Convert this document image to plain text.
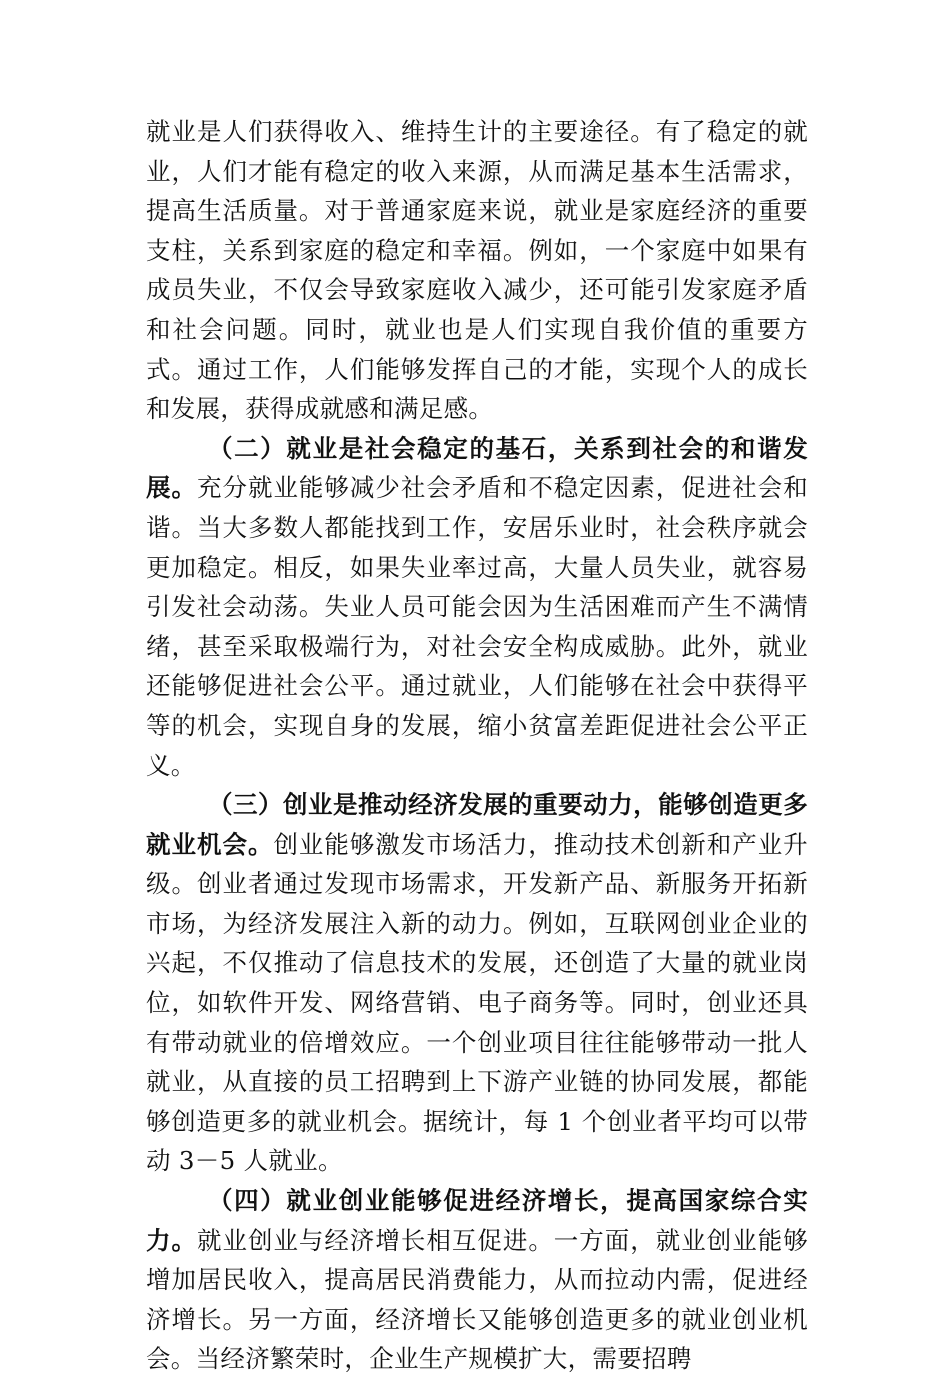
就业是人们获得收入、维持生计的主要途径。有了稳定的就业，人们才能有稳定的收入来源，从而满足基本生活需求，提高生活质量。对于普通家庭来说，就业是家庭经济的重要支柱，关系到家庭的稳定和幸福。例如，一个家庭中如果有成员失业，不仅会导致家庭收入减少，还可能引发家庭矛盾和社会问题。同时，就业也是人们实现自我价值的重要方式。通过工作，人们能够发挥自己的才能，实现个人的成长和发展，获得成就感和满足感。

（二）就业是社会稳定的基石，关系到社会的和谐发展。充分就业能够减少社会矛盾和不稳定因素，促进社会和谐。当大多数人都能找到工作，安居乐业时，社会秩序就会更加稳定。相反，如果失业率过高，大量人员失业，就容易引发社会动荡。失业人员可能会因为生活困难而产生不满情绪，甚至采取极端行为，对社会安全构成威胁。此外，就业还能够促进社会公平。通过就业，人们能够在社会中获得平等的机会，实现自身的发展，缩小贫富差距促进社会公平正义。

（三）创业是推动经济发展的重要动力，能够创造更多就业机会。创业能够激发市场活力，推动技术创新和产业升级。创业者通过发现市场需求，开发新产品、新服务开拓新市场，为经济发展注入新的动力。例如，互联网创业企业的兴起，不仅推动了信息技术的发展，还创造了大量的就业岗位，如软件开发、网络营销、电子商务等。同时，创业还具有带动就业的倍增效应。一个创业项目往往能够带动一批人就业，从直接的员工招聘到上下游产业链的协同发展，都能够创造更多的就业机会。据统计，每 1 个创业者平均可以带动 3－5 人就业。

（四）就业创业能够促进经济增长，提高国家综合实力。就业创业与经济增长相互促进。一方面，就业创业能够增加居民收入，提高居民消费能力，从而拉动内需，促进经济增长。另一方面，经济增长又能够创造更多的就业创业机会。当经济繁荣时，企业生产规模扩大，需要招聘
